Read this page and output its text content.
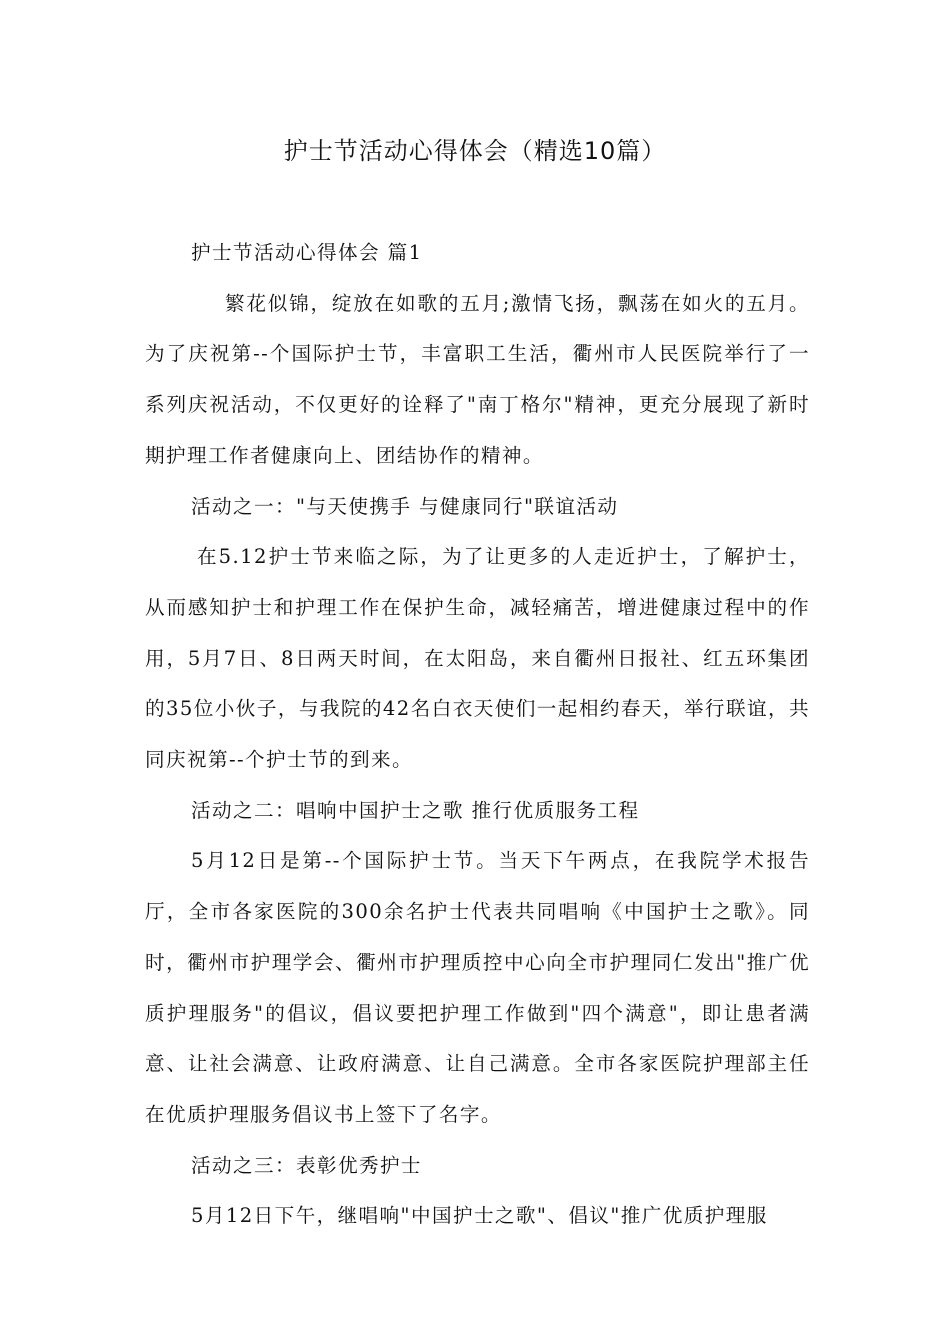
护士节活动心得体会（精选10篇）

护士节活动心得体会 篇1

繁花似锦，绽放在如歌的五月;激情飞扬，飘荡在如火的五月。为了庆祝第--个国际护士节，丰富职工生活，衢州市人民医院举行了一系列庆祝活动，不仅更好的诠释了"南丁格尔"精神，更充分展现了新时期护理工作者健康向上、团结协作的精神。

活动之一："与天使携手 与健康同行"联谊活动

在5.12护士节来临之际，为了让更多的人走近护士，了解护士，从而感知护士和护理工作在保护生命，减轻痛苦，增进健康过程中的作用，5月7日、8日两天时间，在太阳岛，来自衢州日报社、红五环集团的35位小伙子，与我院的42名白衣天使们一起相约春天，举行联谊，共同庆祝第--个护士节的到来。

活动之二：唱响中国护士之歌 推行优质服务工程

5月12日是第--个国际护士节。当天下午两点，在我院学术报告厅，全市各家医院的300余名护士代表共同唱响《中国护士之歌》。同时，衢州市护理学会、衢州市护理质控中心向全市护理同仁发出"推广优质护理服务"的倡议，倡议要把护理工作做到"四个满意"，即让患者满意、让社会满意、让政府满意、让自己满意。全市各家医院护理部主任在优质护理服务倡议书上签下了名字。

活动之三：表彰优秀护士

5月12日下午，继唱响"中国护士之歌"、倡议"推广优质护理服
